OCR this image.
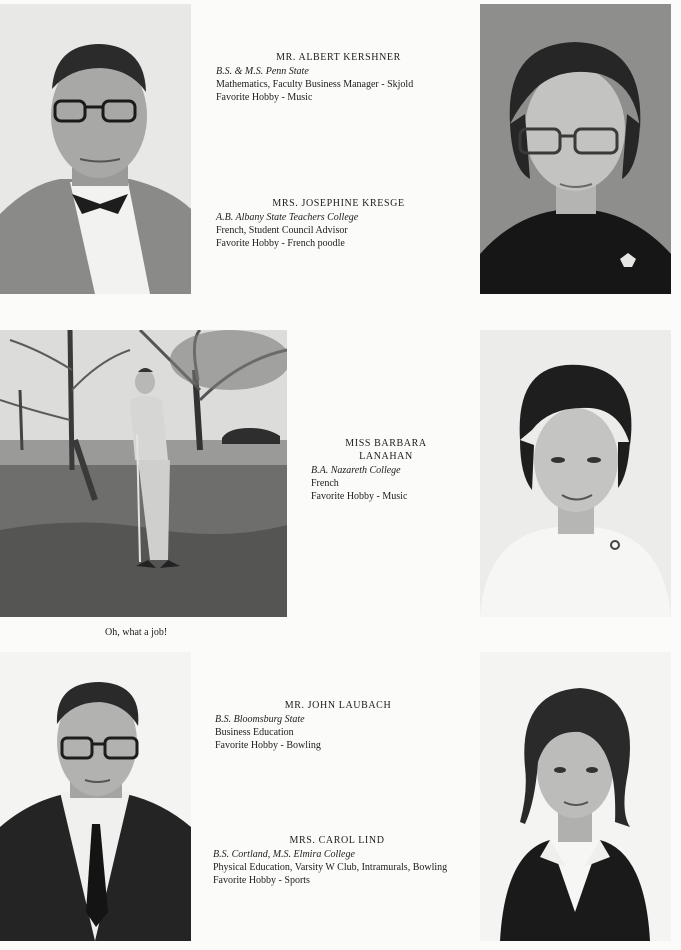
MR. ALBERT KERSHNER
B.S. & M.S. Penn State
Mathematics, Faculty Business Manager - Skjold
Favorite Hobby - Music
MRS. JOSEPHINE KRESGE
A.B. Albany State Teachers College
French, Student Council Advisor
Favorite Hobby - French poodle
Oh, what a job!
MISS BARBARA
LANAHAN
B.A. Nazareth College
French
Favorite Hobby - Music
MR. JOHN LAUBACH
B.S. Bloomsburg State
Business Education
Favorite Hobby - Bowling
MRS. CAROL LIND
B.S. Cortland, M.S. Elmira College
Physical Education, Varsity W Club, Intramurals, Bowling
Favorite Hobby - Sports
